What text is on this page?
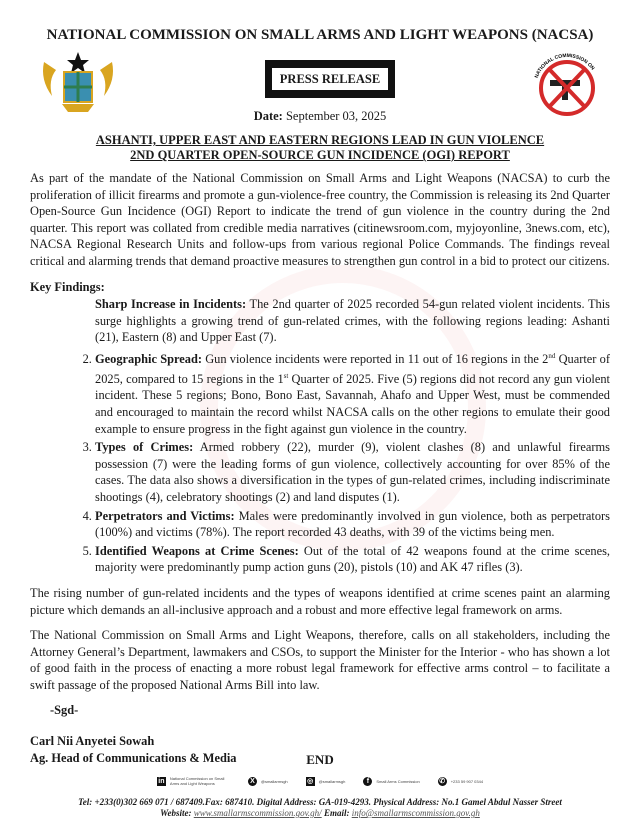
NATIONAL COMMISSION ON SMALL ARMS AND LIGHT WEAPONS (NACSA)
NATIONAL COMMISSION ON
PRESS RELEASE
Date: September 03, 2025
ASHANTI, UPPER EAST AND EASTERN REGIONS LEAD IN GUN VIOLENCE
2ND QUARTER OPEN-SOURCE GUN INCIDENCE (OGI) REPORT

As part of the mandate of the National Commission on Small Arms and Light Weapons (NACSA) to curb the proliferation of illicit firearms and promote a gun-violence-free country, the Commission is releasing its 2nd Quarter Open-Source Gun Incidence (OGI) Report to indicate the trend of gun violence in the country during the 2nd quarter. This report was collated from credible media narratives (citinewsroom.com, myjoyonline, 3news.com, etc), NACSA Regional Research Units and follow-ups from various regional Police Commands. The findings reveal critical and alarming trends that demand proactive measures to strengthen gun control in a bid to protect our citizens.

Key Findings:

Sharp Increase in Incidents: The 2nd quarter of 2025 recorded 54-gun related violent incidents. This surge highlights a growing trend of gun-related crimes, with the following regions leading: Ashanti (21), Eastern (8) and Upper East (7).
2. Geographic Spread: Gun violence incidents were reported in 11 out of 16 regions in the 2nd Quarter of 2025, compared to 15 regions in the 1st Quarter of 2025. Five (5) regions did not record any gun violent incident. These 5 regions; Bono, Bono East, Savannah, Ahafo and Upper West, must be commended and encouraged to maintain the record whilst NACSA calls on the other regions to emulate their good example to ensure progress in the fight against gun violence in the country.
3. Types of Crimes: Armed robbery (22), murder (9), violent clashes (8) and unlawful firearms possession (7) were the leading forms of gun violence, collectively accounting for over 85% of the cases. The data also shows a diversification in the types of gun-related crimes, including indiscriminate shootings (4), celebratory shootings (2) and land disputes (1).
4. Perpetrators and Victims: Males were predominantly involved in gun violence, both as perpetrators (100%) and victims (78%). The report recorded 43 deaths, with 39 of the victims being men.
5. Identified Weapons at Crime Scenes: Out of the total of 42 weapons found at the crime scenes, majority were predominantly pump action guns (20), pistols (10) and AK 47 rifles (3).

The rising number of gun-related incidents and the types of weapons identified at crime scenes paint an alarming picture which demands an all-inclusive approach and a robust and more effective legal framework on arms.

The National Commission on Small Arms and Light Weapons, therefore, calls on all stakeholders, including the Attorney General’s Department, lawmakers and CSOs, to support the Minister for the Interior - who has shown a lot of good faith in the process of enacting a more robust legal framework for effective arms control – to facilitate a swift passage of the proposed National Arms Bill into law.

-Sgd-

Carl Nii Anyetei Sowah

Ag. Head of Communications & Media	END
in	National Commission on Small Arms and Light Weapons	X	@smallarmsgh	◎	@smallarmsgh	f	Small Arms Commission	✆	+233 59 907 0344
Tel: +233(0)302 669 071 / 687409.Fax: 687410. Digital Address: GA-019-4293. Physical Address: No.1 Gamel Abdul Nasser Street
Website: www.smallarmscommission.gov.gh/ Email: info@smallarmscommission.gov.gh
